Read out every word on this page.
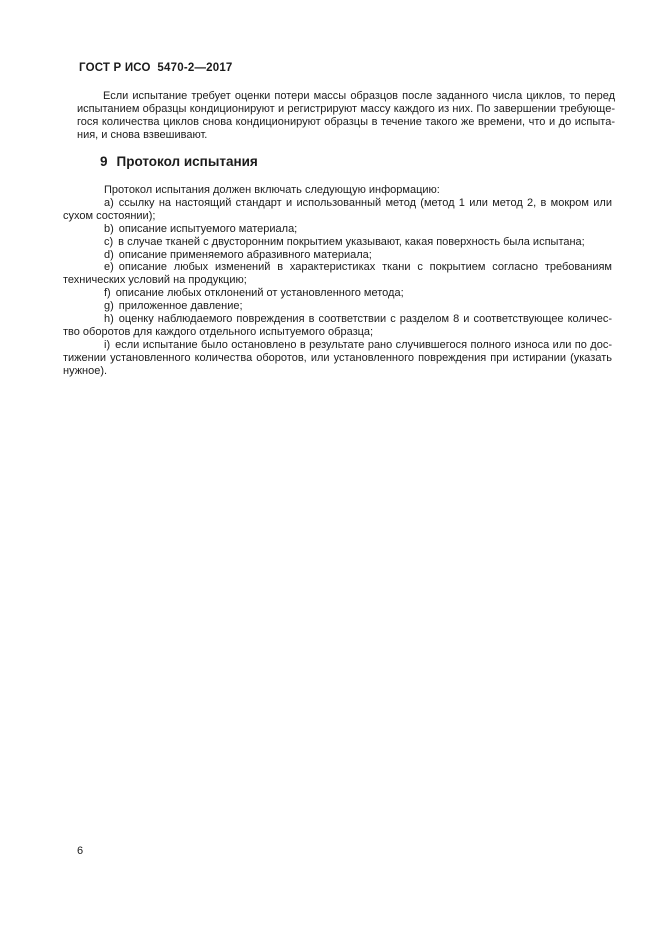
ГОСТ Р ИСО  5470-2—2017

Если испытание требует оценки потери массы образцов после заданного числа циклов, то перед испытанием образцы кондиционируют и регистрируют массу каждого из них. По завершении требующегося количества циклов снова кондиционируют образцы в течение такого же времени, что и до испытания, и снова взвешивают.

9 Протокол испытания

Протокол испытания должен включать следующую информацию:

a) ссылку на настоящий стандарт и использованный метод (метод 1 или метод 2, в мокром или сухом состоянии);

b) описание испытуемого материала;

c) в случае тканей с двусторонним покрытием указывают, какая поверхность была испытана;

d) описание применяемого абразивного материала;

e) описание любых изменений в характеристиках ткани с покрытием согласно требованиям технических условий на продукцию;

f) описание любых отклонений от установленного метода;

g) приложенное давление;

h) оценку наблюдаемого повреждения в соответствии с разделом 8 и соответствующее количество оборотов для каждого отдельного испытуемого образца;

i) если испытание было остановлено в результате рано случившегося полного износа или по достижении установленного количества оборотов, или установленного повреждения при истирании (указать нужное).

6
